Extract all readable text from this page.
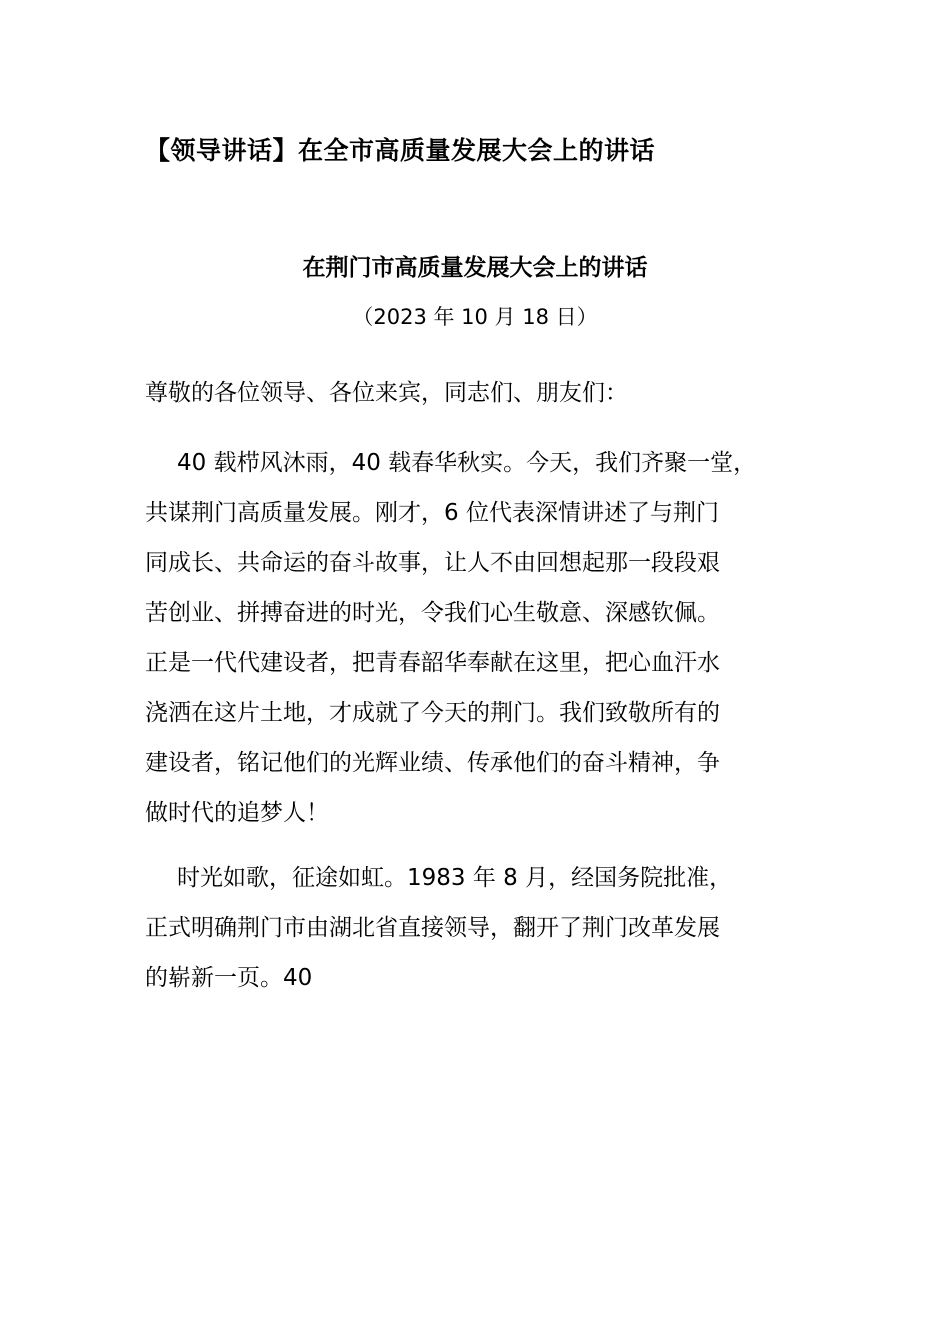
【领导讲话】在全市高质量发展大会上的讲话
在荆门市高质量发展大会上的讲话
（2023 年 10 月 18 日）
尊敬的各位领导、各位来宾，同志们、朋友们：
40 载栉风沐雨，40 载春华秋实。今天，我们齐聚一堂，
共谋荆门高质量发展。刚才，6 位代表深情讲述了与荆门
同成长、共命运的奋斗故事，让人不由回想起那一段段艰
苦创业、拼搏奋进的时光，令我们心生敬意、深感钦佩。
正是一代代建设者，把青春韶华奉献在这里，把心血汗水
浇洒在这片土地，才成就了今天的荆门。我们致敬所有的
建设者，铭记他们的光辉业绩、传承他们的奋斗精神，争
做时代的追梦人！
时光如歌，征途如虹。1983 年 8 月，经国务院批准，
正式明确荆门市由湖北省直接领导，翻开了荆门改革发展
的崭新一页。40
